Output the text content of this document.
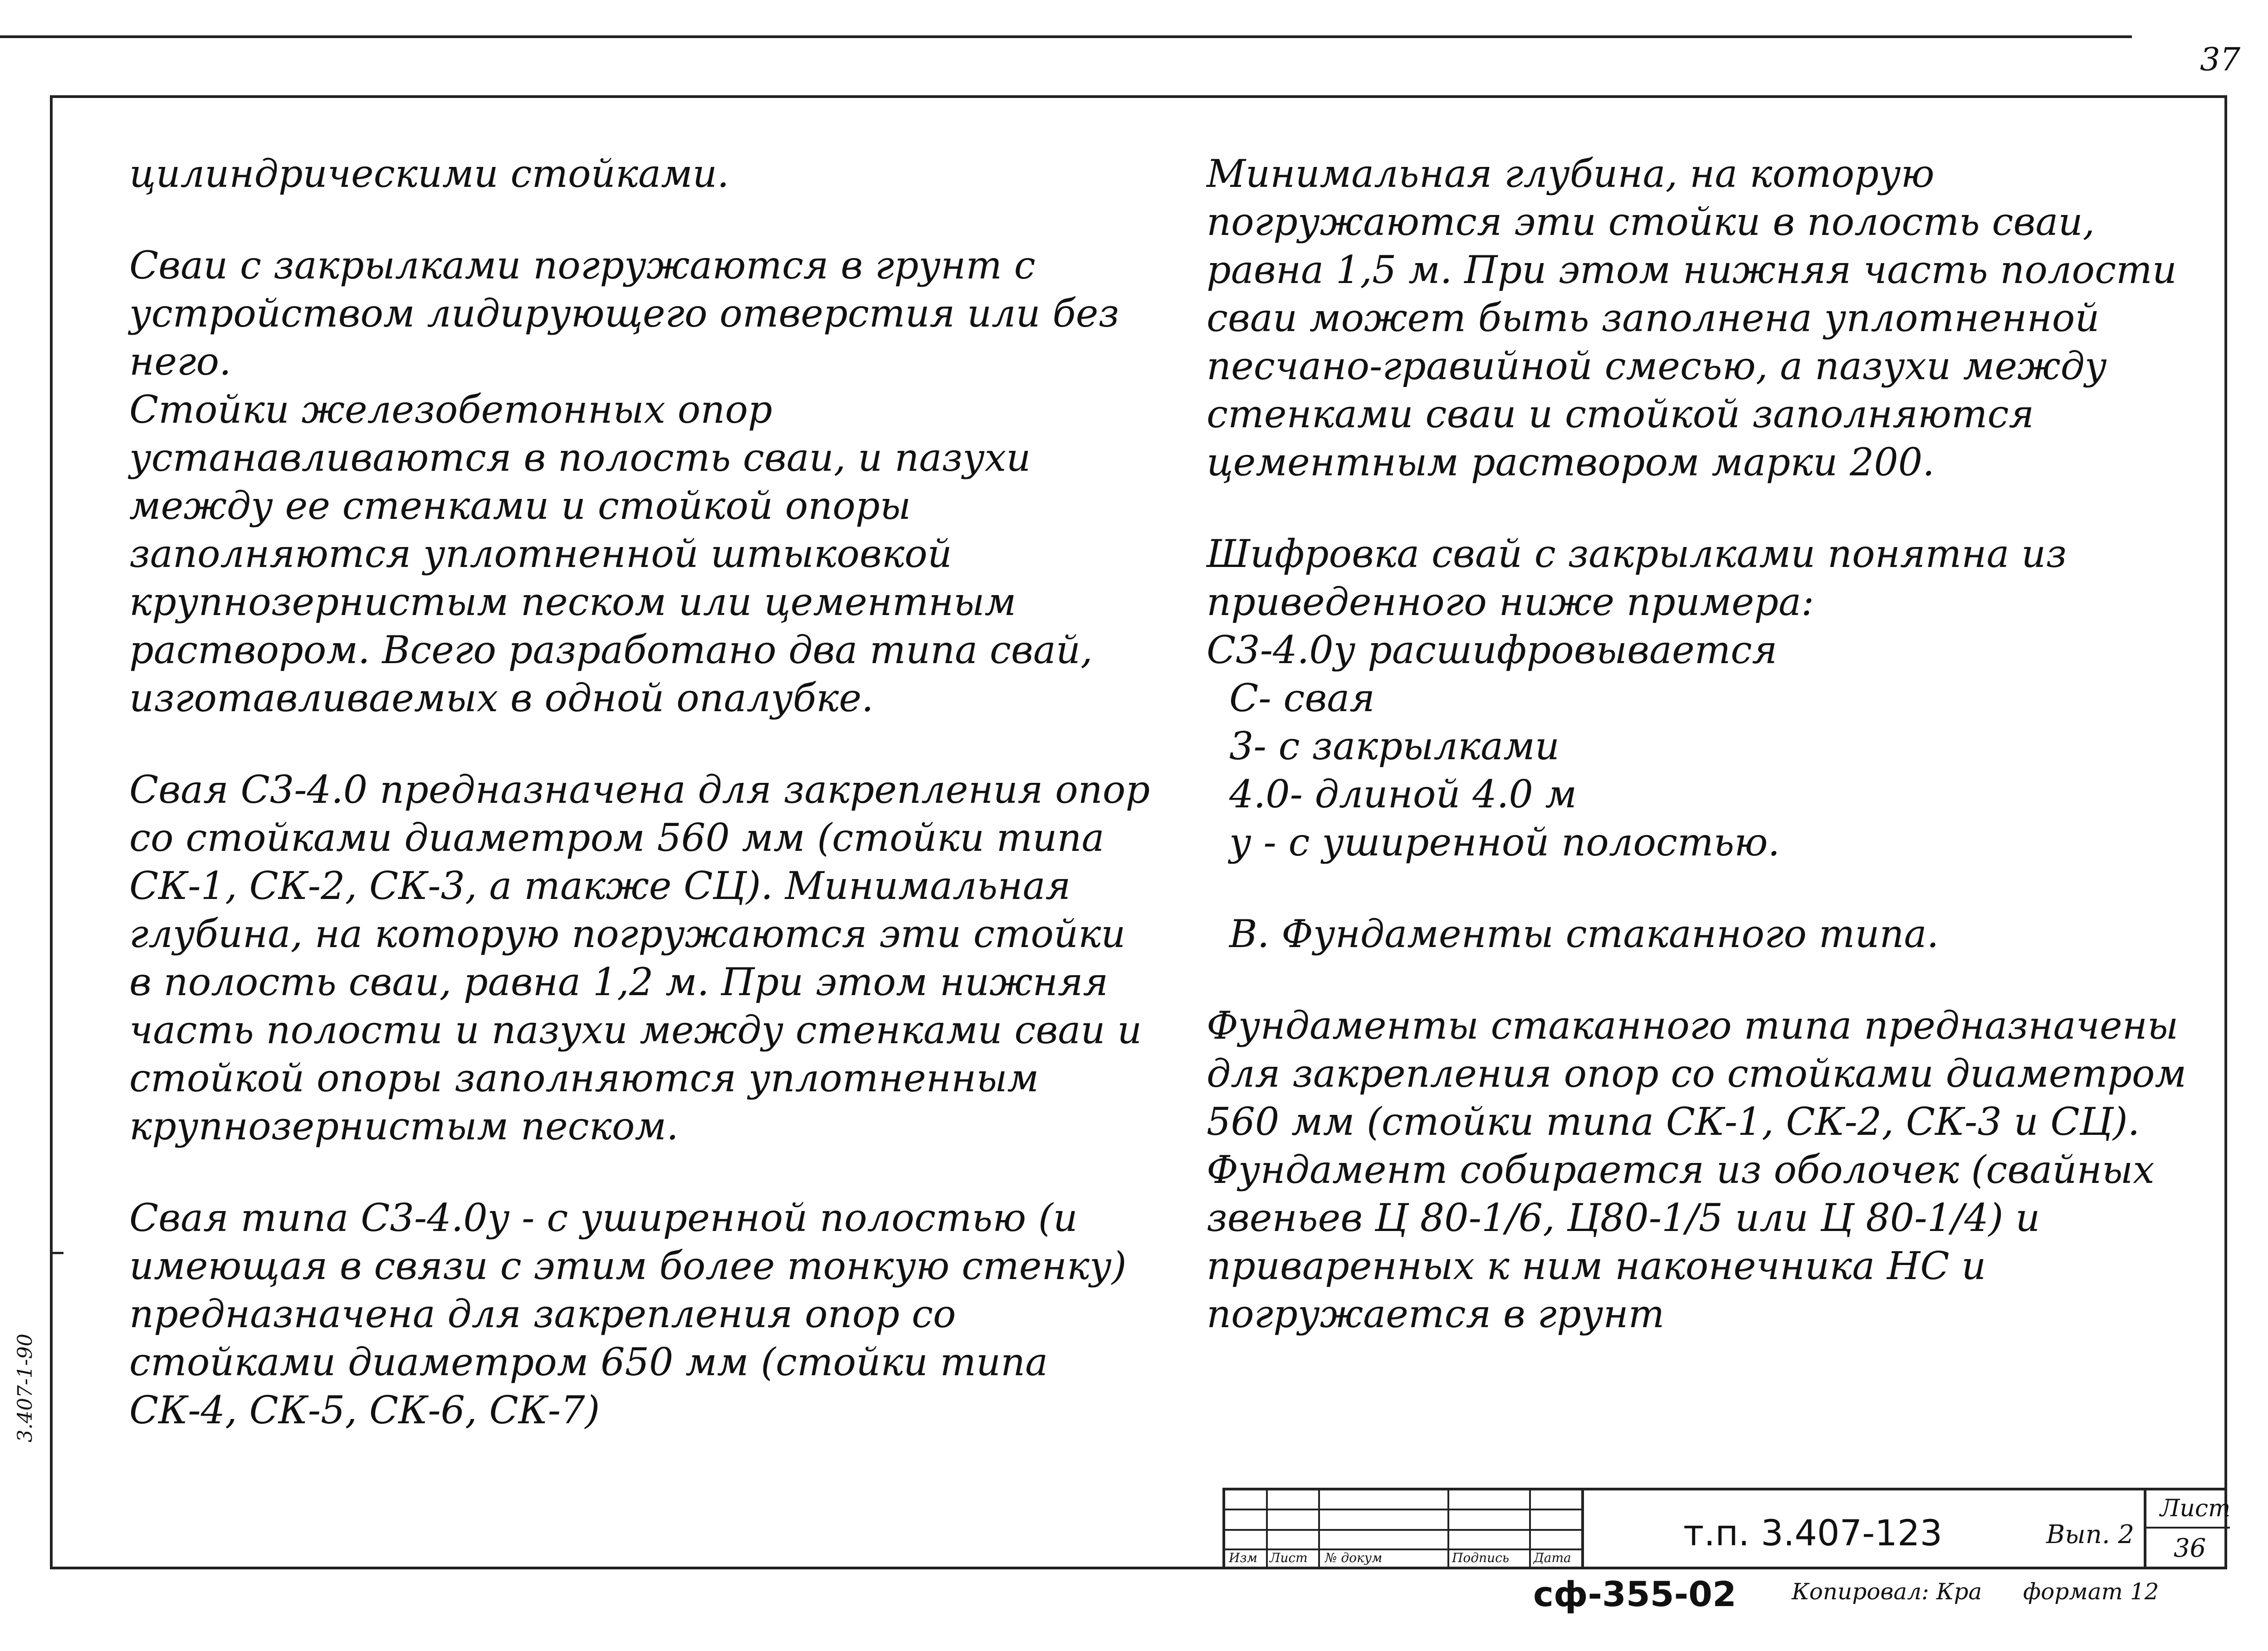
37
3.407-1-90

цилиндрическими стойками.

Сваи с закрылками погружаются в грунт с устройством лидирующего отверстия или без него.
Стойки железобетонных опор устанавливаются в полость сваи, и пазухи между ее стенками и стойкой опоры заполняются уплотненной штыковкой крупнозернистым песком или цементным раствором. Всего разработано два типа свай, изготавливаемых в одной опалубке.

Свая С3-4.0 предназначена для закрепления опор со стойками диаметром 560 мм (стойки типа СК-1, СК-2, СК-3, а также СЦ). Минимальная глубина, на которую погружаются эти стойки в полость сваи, равна 1,2 м. При этом нижняя часть полости и пазухи между стенками сваи и стойкой опоры заполняются уплотненным крупнозернистым песком.

Свая типа С3-4.0у - с уширенной полостью (и имеющая в связи с этим более тонкую стенку) предназначена для закрепления опор со стойками диаметром 650 мм (стойки типа СК-4, СК-5, СК-6, СК-7)

Минимальная глубина, на которую погружаются эти стойки в полость сваи, равна 1,5 м. При этом нижняя часть полости сваи может быть заполнена уплотненной песчано-гравийной смесью, а пазухи между стенками сваи и стойкой заполняются цементным раствором марки 200.

Шифровка свай с закрылками понятна из приведенного ниже примера:

С3-4.0у расшифровывается

С- свая
3- с закрылками
4.0- длиной 4.0 м
у - с уширенной полостью.

В. Фундаменты стаканного типа.

Фундаменты стаканного типа предназначены для закрепления опор со стойками диаметром 560 мм (стойки типа СК-1, СК-2, СК-3 и СЦ). Фундамент собирается из оболочек (свайных звеньев Ц 80-1/6, Ц80-1/5 или Ц 80-1/4) и приваренных к ним наконечника НС и погружается в грунт

Изм Лист № докум	Подпись Дата
т.п. 3.407-123	Вып. 2
Лист
36
сф-355-02 Копировал: Кра формат 12
